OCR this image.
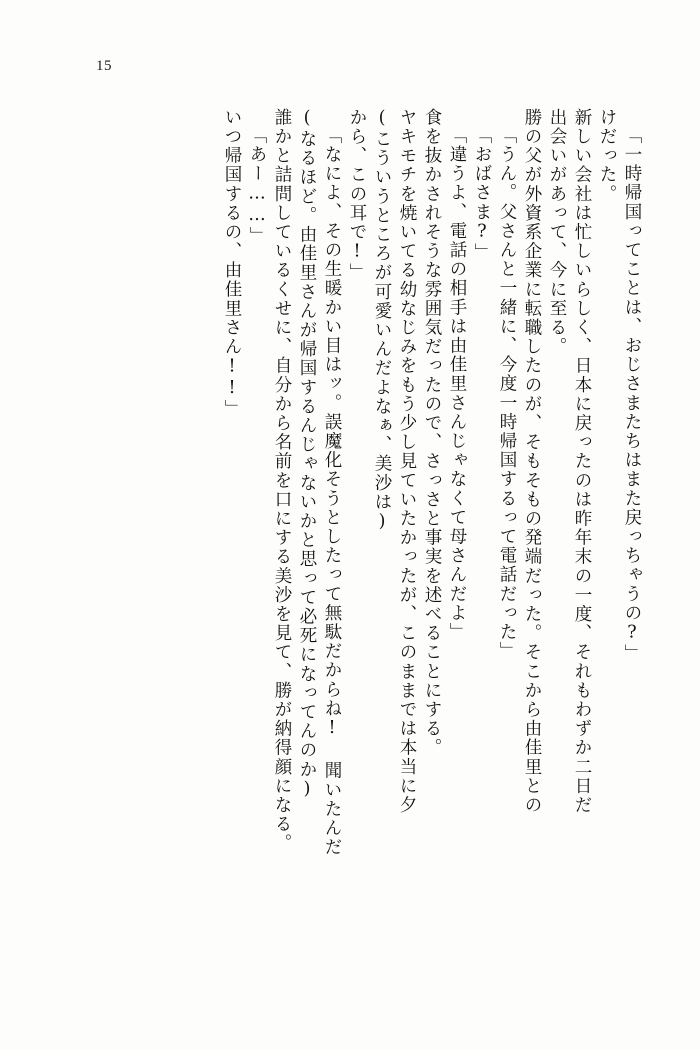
15
「一時帰国ってことは、おじさまたちはまた戻っちゃうの?」
けだった。
新しい会社は忙しいらしく、日本に戻ったのは昨年末の一度、それもわずか二日だ
出会いがあって、今に至る。
勝の父が外資系企業に転職したのが、そもそもの発端だった。そこから由佳里との
「うん。父さんと一緒に、今度一時帰国するって電話だった」
「おばさま?」
「違うよ、電話の相手は由佳里さんじゃなくて母さんだよ」
食を抜かされそうな雰囲気だったので、さっさと事実を述べることにする。
ヤキモチを焼いてる幼なじみをもう少し見ていたかったが、このままでは本当に夕
(こういうところが可愛いんだよなぁ、美沙は)
から、この耳で!」
「なによ、その生暖かい目はッ。誤魔化そうとしたって無駄だからね! 聞いたんだ
(なるほど。由佳里さんが帰国するんじゃないかと思って必死になってんのか)
誰かと詰問しているくせに、自分から名前を口にする美沙を見て、勝が納得顔になる。
「あー……」
いつ帰国するの、由佳里さん!!」
